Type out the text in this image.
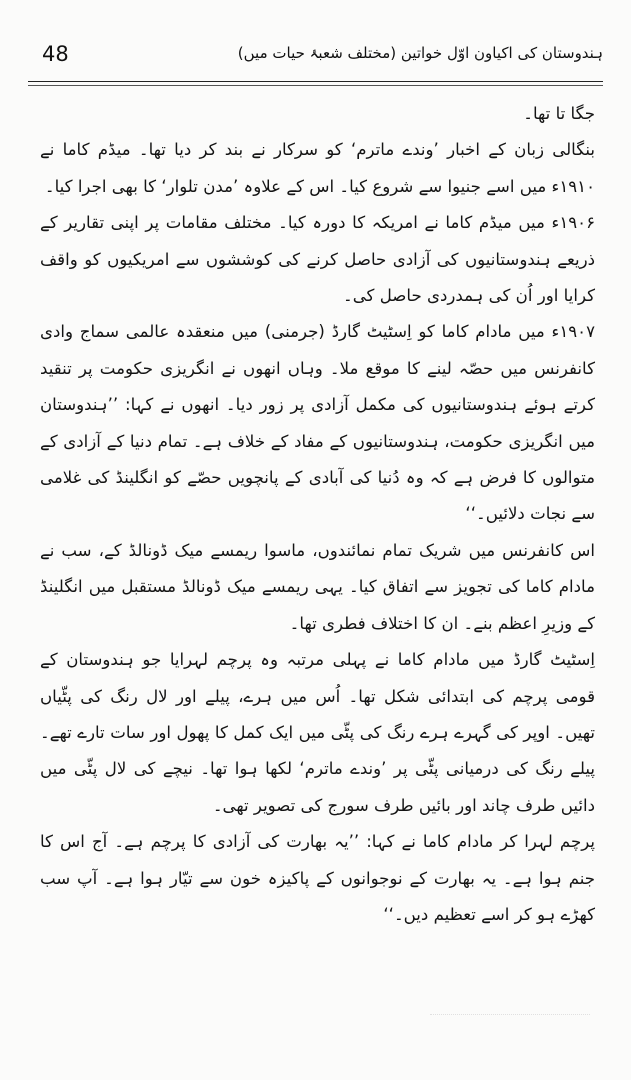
48	ہندوستان کی اکیاون اوّل خواتین (مختلف شعبۂ حیات میں)

جگا تا تھا۔

بنگالی زبان کے اخبار ’وندے ماترم‘ کو سرکار نے بند کر دیا تھا۔ میڈم کاما نے ۱۹۱۰ء میں اسے جنیوا سے شروع کیا۔ اس کے علاوہ ’مدن تلوار‘ کا بھی اجرا کیا۔

۱۹۰۶ء میں میڈم کاما نے امریکہ کا دورہ کیا۔ مختلف مقامات پر اپنی تقاریر کے ذریعے ہندوستانیوں کی آزادی حاصل کرنے کی کوششوں سے امریکیوں کو واقف کرایا اور اُن کی ہمدردی حاصل کی۔

۱۹۰۷ء میں مادام کاما کو اِسٹیٹ گارڈ (جرمنی) میں منعقدہ عالمی سماج وادی کانفرنس میں حصّہ لینے کا موقع ملا۔ وہاں انھوں نے انگریزی حکومت پر تنقید کرتے ہوئے ہندوستانیوں کی مکمل آزادی پر زور دیا۔ انھوں نے کہا: ’’ہندوستان میں انگریزی حکومت، ہندوستانیوں کے مفاد کے خلاف ہے۔ تمام دنیا کے آزادی کے متوالوں کا فرض ہے کہ وہ دُنیا کی آبادی کے پانچویں حصّے کو انگلینڈ کی غلامی سے نجات دلائیں۔‘‘

اس کانفرنس میں شریک تمام نمائندوں، ماسوا ریمسے میک ڈونالڈ کے، سب نے مادام کاما کی تجویز سے اتفاق کیا۔ یہی ریمسے میک ڈونالڈ مستقبل میں انگلینڈ کے وزیرِ اعظم بنے۔ ان کا اختلاف فطری تھا۔

اِسٹیٹ گارڈ میں مادام کاما نے پہلی مرتبہ وہ پرچم لہرایا جو ہندوستان کے قومی پرچم کی ابتدائی شکل تھا۔ اُس میں ہرے، پیلے اور لال رنگ کی پٹّیاں تھیں۔ اوپر کی گہرے ہرے رنگ کی پٹّی میں ایک کمل کا پھول اور سات تارے تھے۔ پیلے رنگ کی درمیانی پٹّی پر ’وندے ماترم‘ لکھا ہوا تھا۔ نیچے کی لال پٹّی میں دائیں طرف چاند اور بائیں طرف سورج کی تصویر تھی۔

پرچم لہرا کر مادام کاما نے کہا: ’’یہ بھارت کی آزادی کا پرچم ہے۔ آج اس کا جنم ہوا ہے۔ یہ بھارت کے نوجوانوں کے پاکیزہ خون سے تیّار ہوا ہے۔ آپ سب کھڑے ہو کر اسے تعظیم دیں۔‘‘
